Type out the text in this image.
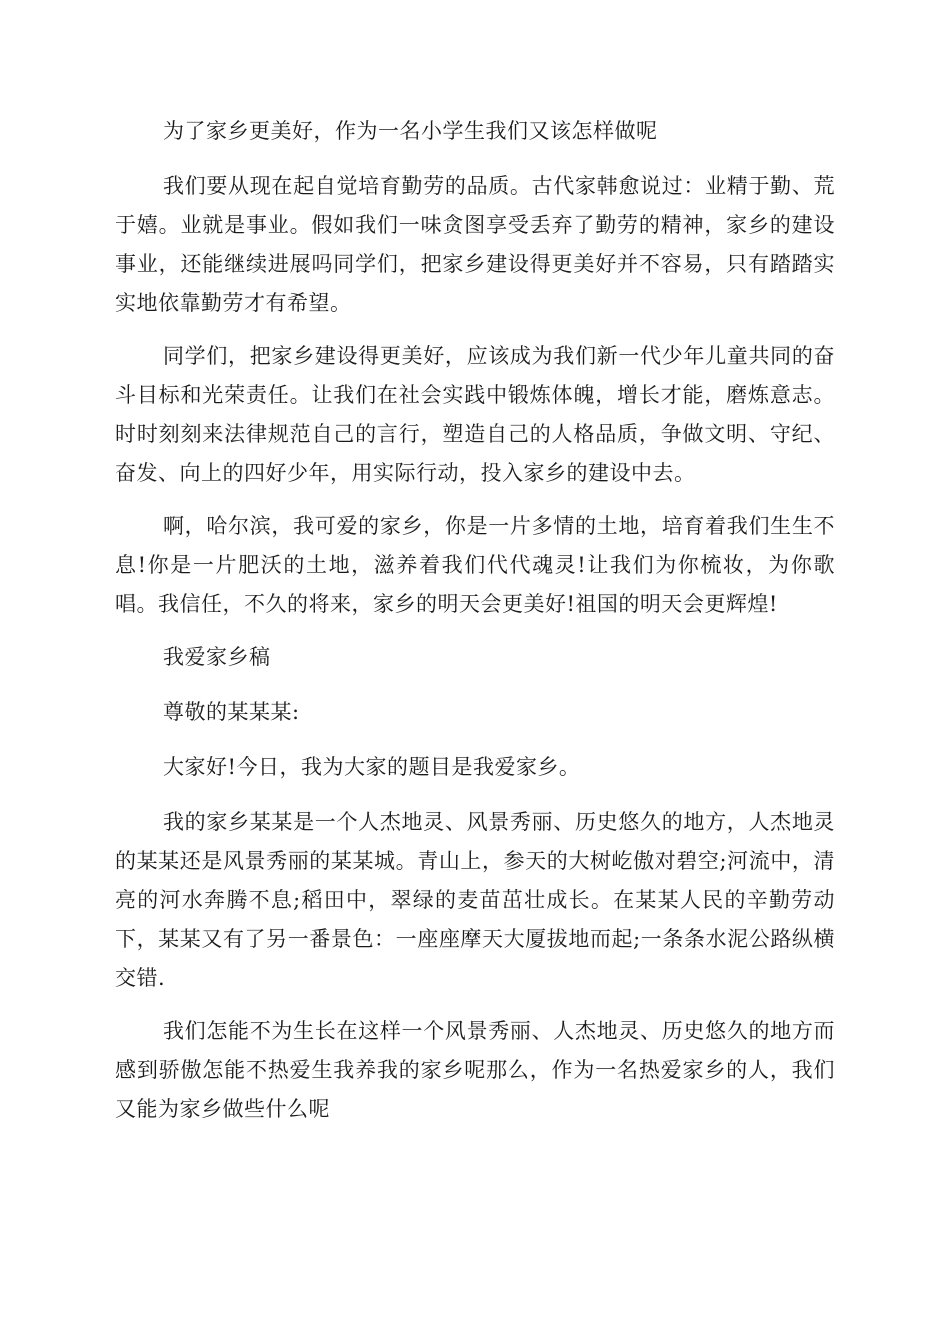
为了家乡更美好，作为一名小学生我们又该怎样做呢

我们要从现在起自觉培育勤劳的品质。古代家韩愈说过：业精于勤、荒于嬉。业就是事业。假如我们一味贪图享受丢弃了勤劳的精神，家乡的建设事业，还能继续进展吗同学们，把家乡建设得更美好并不容易，只有踏踏实实地依靠勤劳才有希望。

同学们，把家乡建设得更美好，应该成为我们新一代少年儿童共同的奋斗目标和光荣责任。让我们在社会实践中锻炼体魄，增长才能，磨炼意志。时时刻刻来法律规范自己的言行，塑造自己的人格品质，争做文明、守纪、奋发、向上的四好少年，用实际行动，投入家乡的建设中去。

啊，哈尔滨，我可爱的家乡，你是一片多情的土地，培育着我们生生不息!你是一片肥沃的土地，滋养着我们代代魂灵!让我们为你梳妆，为你歌唱。我信任，不久的将来，家乡的明天会更美好!祖国的明天会更辉煌!

我爱家乡稿

尊敬的某某某:

大家好!今日，我为大家的题目是我爱家乡。

我的家乡某某是一个人杰地灵、风景秀丽、历史悠久的地方，人杰地灵的某某还是风景秀丽的某某城。青山上，参天的大树屹傲对碧空;河流中，清亮的河水奔腾不息;稻田中，翠绿的麦苗茁壮成长。在某某人民的辛勤劳动下，某某又有了另一番景色：一座座摩天大厦拔地而起;一条条水泥公路纵横交错.

我们怎能不为生长在这样一个风景秀丽、人杰地灵、历史悠久的地方而感到骄傲怎能不热爱生我养我的家乡呢那么，作为一名热爱家乡的人，我们又能为家乡做些什么呢
